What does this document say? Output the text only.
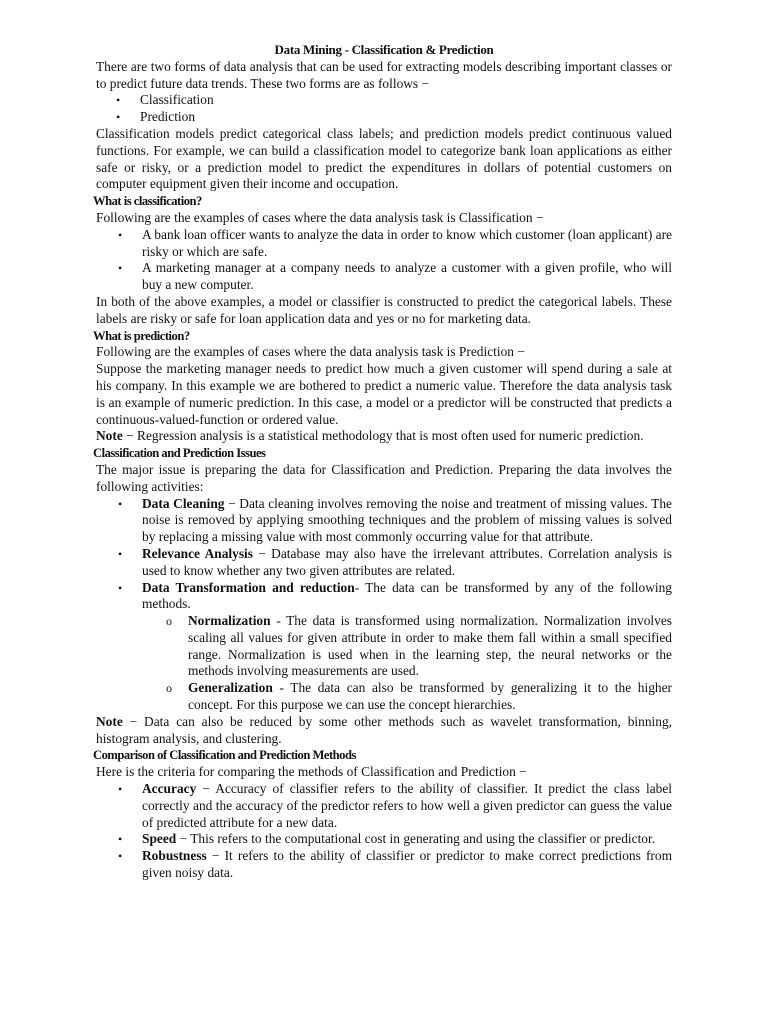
Data Mining - Classification & Prediction

There are two forms of data analysis that can be used for extracting models describing important classes or to predict future data trends. These two forms are as follows −

• Classification
• Prediction

Classification models predict categorical class labels; and prediction models predict continuous valued functions. For example, we can build a classification model to categorize bank loan applications as either safe or risky, or a prediction model to predict the expenditures in dollars of potential customers on computer equipment given their income and occupation.

What is classification?

Following are the examples of cases where the data analysis task is Classification −

• A bank loan officer wants to analyze the data in order to know which customer (loan applicant) are risky or which are safe.
• A marketing manager at a company needs to analyze a customer with a given profile, who will buy a new computer.

In both of the above examples, a model or classifier is constructed to predict the categorical labels. These labels are risky or safe for loan application data and yes or no for marketing data.

What is prediction?

Following are the examples of cases where the data analysis task is Prediction −

Suppose the marketing manager needs to predict how much a given customer will spend during a sale at his company. In this example we are bothered to predict a numeric value. Therefore the data analysis task is an example of numeric prediction. In this case, a model or a predictor will be constructed that predicts a continuous-valued-function or ordered value.

Note − Regression analysis is a statistical methodology that is most often used for numeric prediction.

Classification and Prediction Issues

The major issue is preparing the data for Classification and Prediction. Preparing the data involves the following activities:

• Data Cleaning − Data cleaning involves removing the noise and treatment of missing values. The noise is removed by applying smoothing techniques and the problem of missing values is solved by replacing a missing value with most commonly occurring value for that attribute.
• Relevance Analysis − Database may also have the irrelevant attributes. Correlation analysis is used to know whether any two given attributes are related.
• Data Transformation and reduction- The data can be transformed by any of the following methods.
o Normalization - The data is transformed using normalization. Normalization involves scaling all values for given attribute in order to make them fall within a small specified range. Normalization is used when in the learning step, the neural networks or the methods involving measurements are used.
o Generalization - The data can also be transformed by generalizing it to the higher concept. For this purpose we can use the concept hierarchies.

Note − Data can also be reduced by some other methods such as wavelet transformation, binning, histogram analysis, and clustering.

Comparison of Classification and Prediction Methods

Here is the criteria for comparing the methods of Classification and Prediction −

• Accuracy − Accuracy of classifier refers to the ability of classifier. It predict the class label correctly and the accuracy of the predictor refers to how well a given predictor can guess the value of predicted attribute for a new data.
• Speed − This refers to the computational cost in generating and using the classifier or predictor.
• Robustness − It refers to the ability of classifier or predictor to make correct predictions from given noisy data.
